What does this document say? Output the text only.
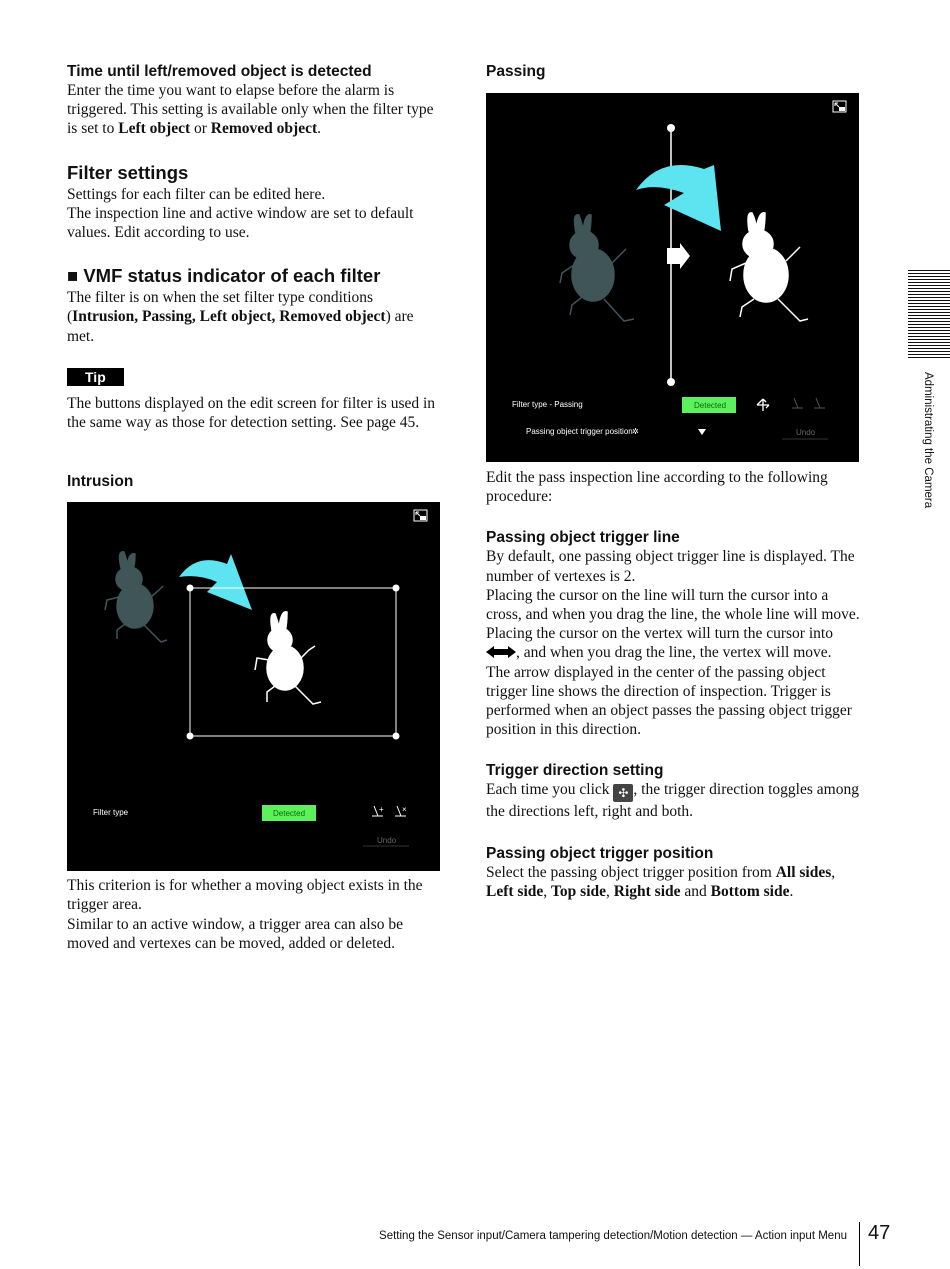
Time until left/removed object is detected

Enter the time you want to elapse before the alarm is triggered. This setting is available only when the filter type is set to Left object or Removed object.

Filter settings

Settings for each filter can be edited here.

The inspection line and active window are set to default values. Edit according to use.

■ VMF status indicator of each filter

The filter is on when the set filter type conditions (Intrusion, Passing, Left object, Removed object) are met.

Tip

The buttons displayed on the edit screen for filter is used in the same way as those for detection setting. See page 45.

Intrusion
Filter type	Detected	+ ×
Undo

This criterion is for whether a moving object exists in the trigger area.

Similar to an active window, a trigger area can also be moved and vertexes can be moved, added or deleted.

Passing
Filter type - Passing	Detected
Passing object trigger position ✲	Undo

Edit the pass inspection line according to the following procedure:

Passing object trigger line

By default, one passing object trigger line is displayed. The number of vertexes is 2.

Placing the cursor on the line will turn the cursor into a cross, and when you drag the line, the whole line will move.

Placing the cursor on the vertex will turn the cursor into , and when you drag the line, the vertex will move.

The arrow displayed in the center of the passing object trigger line shows the direction of inspection. Trigger is performed when an object passes the passing object trigger position in this direction.

Trigger direction setting

Each time you click ✣ , the trigger direction toggles among the directions left, right and both.

Passing object trigger position

Select the passing object trigger position from All sides, Left side, Top side, Right side and Bottom side.

Administrating the Camera
Setting the Sensor input/Camera tampering detection/Motion detection — Action input Menu 47
